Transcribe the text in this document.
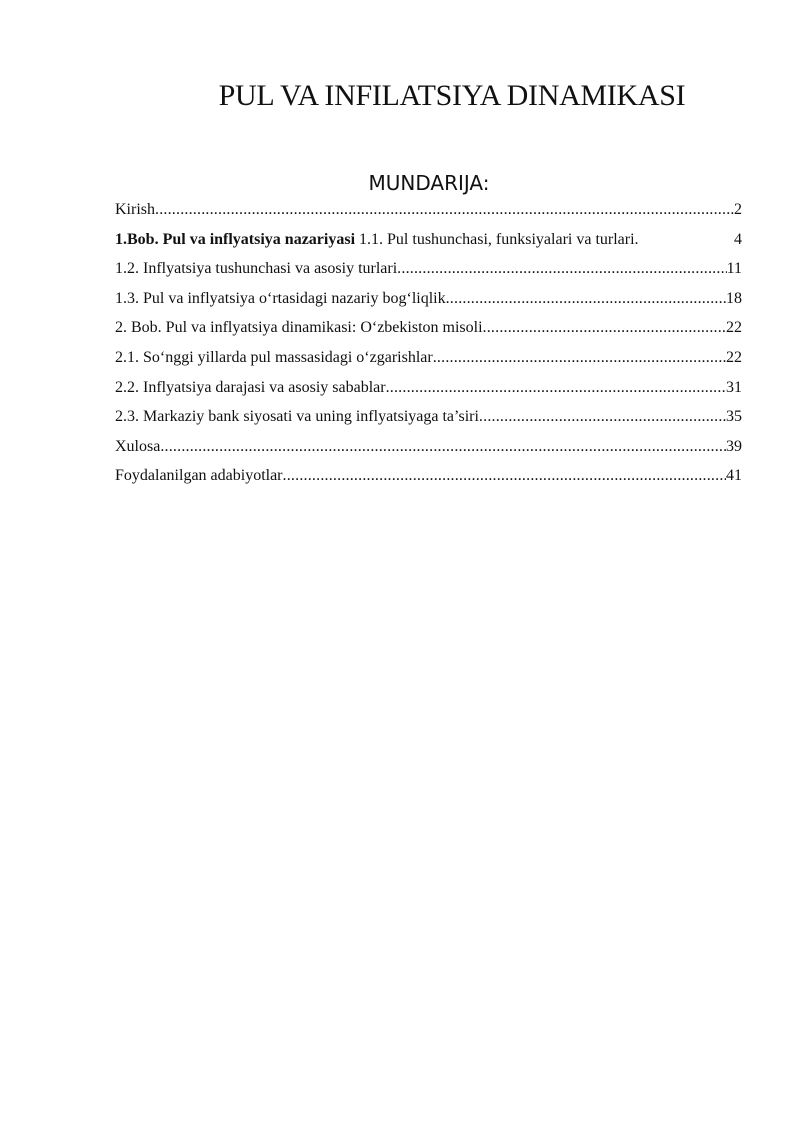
PUL VA INFILATSIYA DINAMIKASI
MUNDARIJA:
Kirish .....	2
1.Bob. Pul va inflyatsiya nazariyasi 1.1. Pul tushunchasi, funksiyalari va turlari.	4
1.2. Inflyatsiya tushunchasi va asosiy turlari .....	11
1.3. Pul va inflyatsiya o‘rtasidagi nazariy bog‘liqlik .....	18
2. Bob. Pul va inflyatsiya dinamikasi: O‘zbekiston misoli .....	22
2.1. So‘nggi yillarda pul massasidagi o‘zgarishlar .....	22
2.2. Inflyatsiya darajasi va asosiy sabablar .....	31
2.3. Markaziy bank siyosati va uning inflyatsiyaga ta’siri .....	35
Xulosa .....	39
Foydalanilgan adabiyotlar .....	41
